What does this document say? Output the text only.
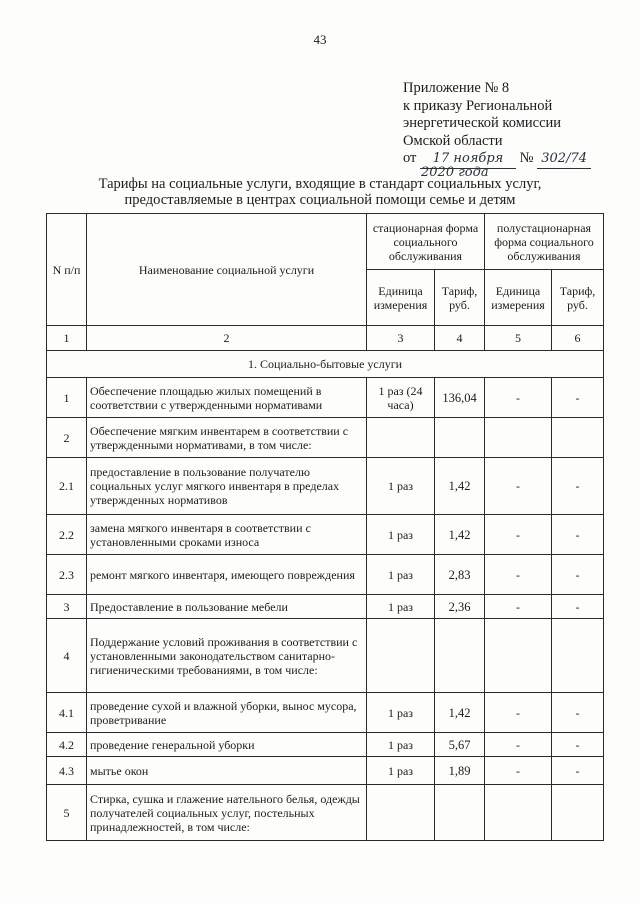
43
Приложение № 8
к приказу Региональной
энергетической комиссии
Омской области
от 17 ноября № 302/74
2020 года
Тарифы на социальные услуги, входящие в стандарт социальных услуг,
предоставляемые в центрах социальной помощи семье и детям
N п/п	Наименование социальной услуги	стационарная форма социального обслуживания		полустационарная форма социального обслуживания	
		Единица измерения	Тариф, руб.	Единица измерения	Тариф, руб.
1	2	3	4	5	6
1. Социально-бытовые услуги					
1	Обеспечение площадью жилых помещений в соответствии с утвержденными нормативами	1 раз (24 часа)	136,04	-	-
2	Обеспечение мягким инвентарем в соответствии с утвержденными нормативами, в том числе:				
2.1	предоставление в пользование получателю социальных услуг мягкого инвентаря в пределах утвержденных нормативов	1 раз	1,42	-	-
2.2	замена мягкого инвентаря в соответствии с установленными сроками износа	1 раз	1,42	-	-
2.3	ремонт мягкого инвентаря, имеющего повреждения	1 раз	2,83	-	-
3	Предоставление в пользование мебели	1 раз	2,36	-	-
4	Поддержание условий проживания в соответствии с установленными законодательством санитарно-гигиеническими требованиями, в том числе:				
4.1	проведение сухой и влажной уборки, вынос мусора, проветривание	1 раз	1,42	-	-
4.2	проведение генеральной уборки	1 раз	5,67	-	-
4.3	мытье окон	1 раз	1,89	-	-
5	Стирка, сушка и глажение нательного белья, одежды получателей социальных услуг, постельных принадлежностей, в том числе:				
